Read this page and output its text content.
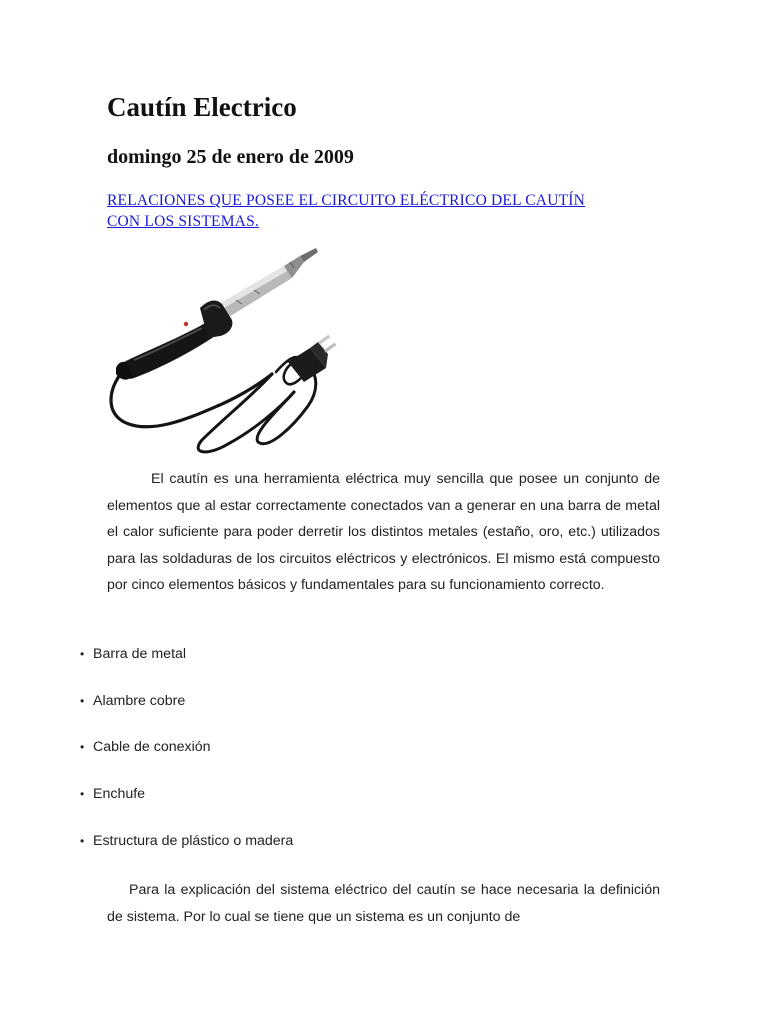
Cautín Electrico
domingo 25 de enero de 2009
RELACIONES QUE POSEE EL CIRCUITO ELÉCTRICO DEL CAUTÍN
CON LOS SISTEMAS.

El cautín es una herramienta eléctrica muy sencilla que posee un conjunto de elementos que al estar correctamente conectados van a generar en una barra de metal el calor suficiente para poder derretir los distintos metales (estaño, oro, etc.) utilizados para las soldaduras de los circuitos eléctricos y electrónicos. El mismo está compuesto por cinco elementos básicos y fundamentales para su funcionamiento correcto.

• Barra de metal
• Alambre cobre
• Cable de conexión
• Enchufe
• Estructura de plástico o madera

Para la explicación del sistema eléctrico del cautín se hace necesaria la definición de sistema. Por lo cual se tiene que un sistema es un conjunto de
